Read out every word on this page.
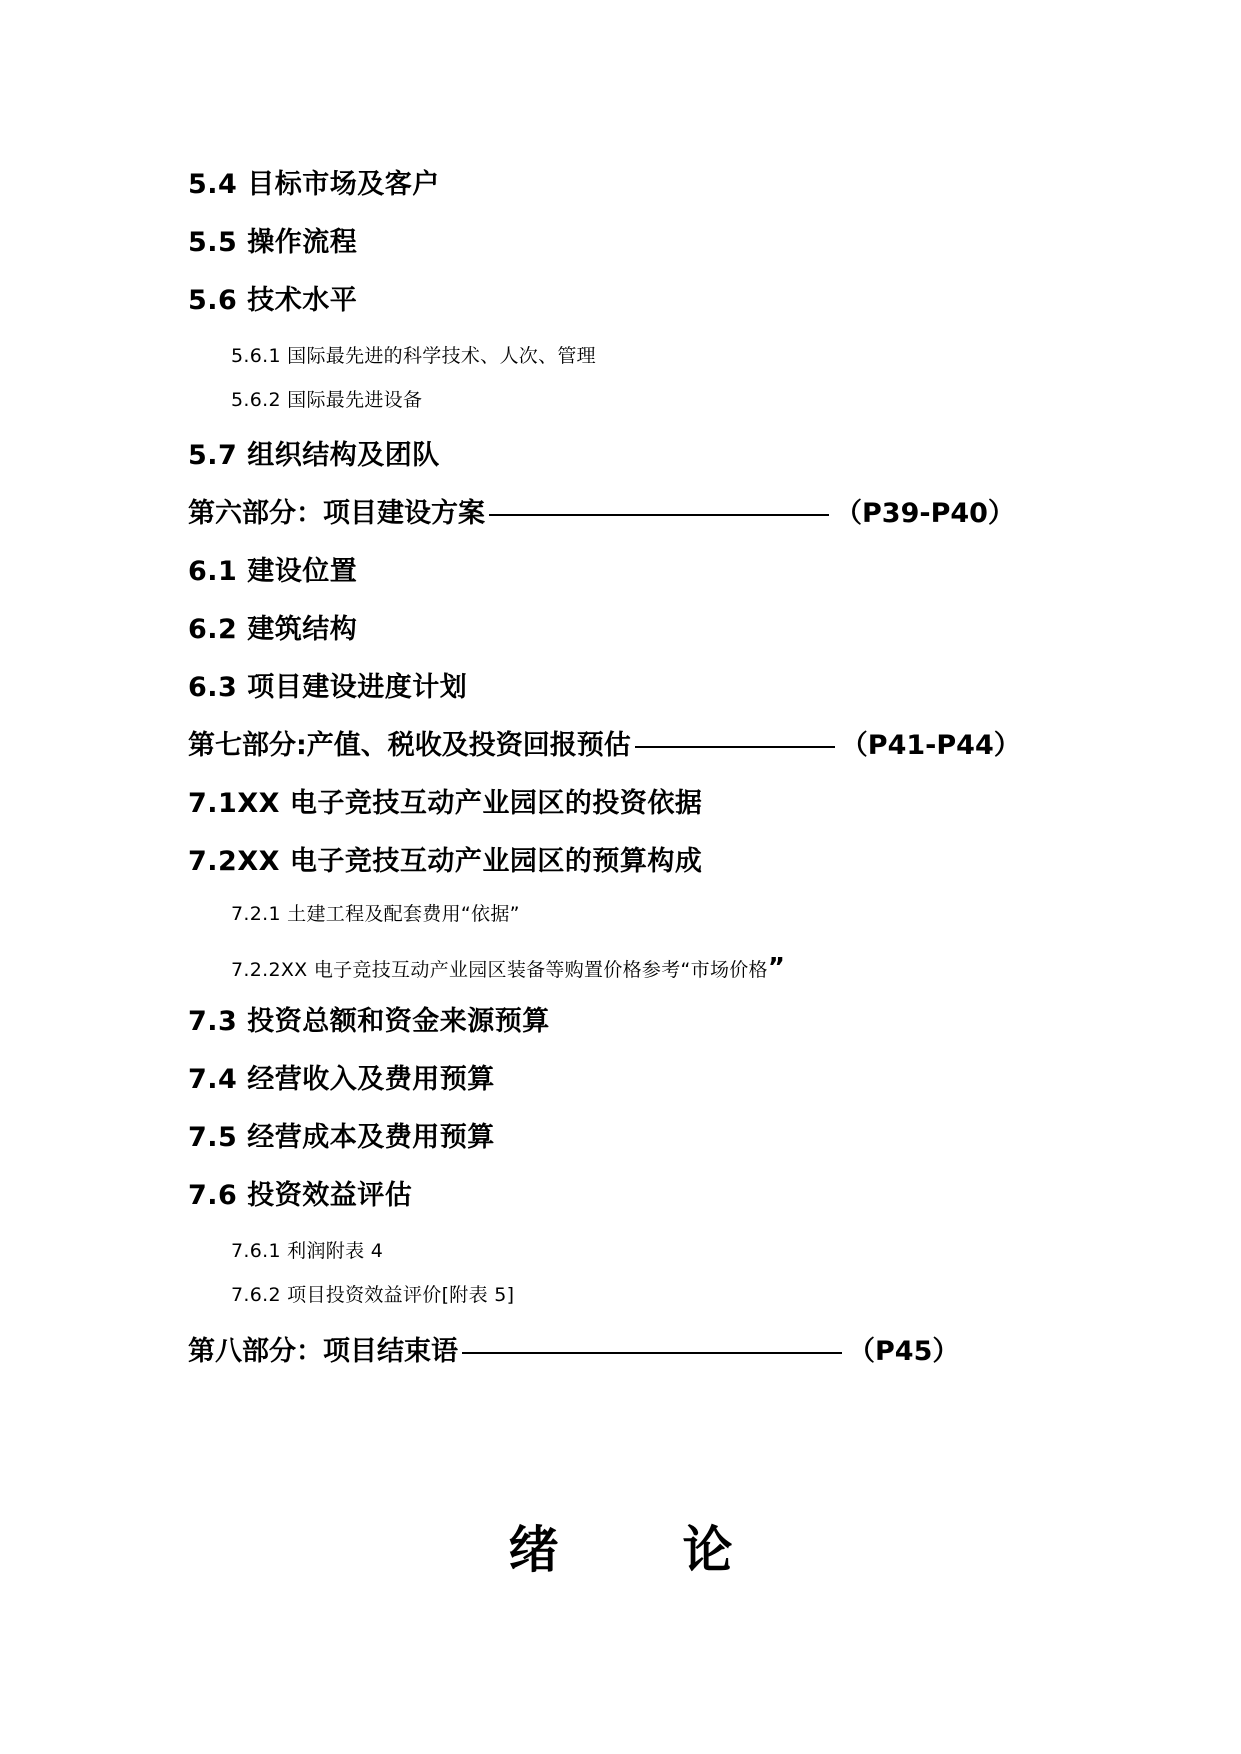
5.4 目标市场及客户
5.5 操作流程
5.6 技术水平
5.6.1 国际最先进的科学技术、人次、管理
5.6.2 国际最先进设备
5.7 组织结构及团队
第六部分：项目建设方案	（P39-P40）
6.1 建设位置
6.2 建筑结构
6.3 项目建设进度计划
第七部分:产值、税收及投资回报预估	（P41-P44）
7.1XX 电子竞技互动产业园区的投资依据
7.2XX 电子竞技互动产业园区的预算构成
7.2.1 土建工程及配套费用“依据”
7.2.2XX 电子竞技互动产业园区装备等购置价格参考“市场价格”
7.3 投资总额和资金来源预算
7.4 经营收入及费用预算
7.5 经营成本及费用预算
7.6 投资效益评估
7.6.1 利润附表 4
7.6.2 项目投资效益评价[附表 5]
第八部分：项目结束语	（P45）
绪 论
